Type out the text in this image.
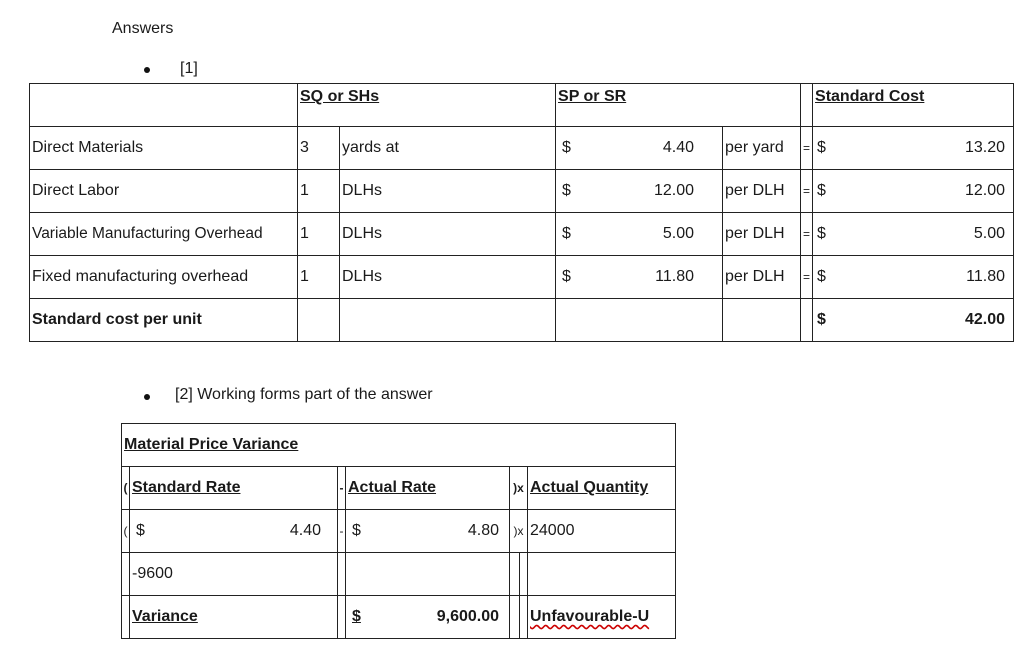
Answers
[1]
	SQ or SHs		SP or SR			Standard Cost
Direct Materials	3	yards at	$ 4.40	per yard	=	$ 13.20

Direct Labor	1	DLHs	$ 12.00	per DLH	=	$ 12.00

Variable Manufacturing Overhead	1	DLHs	$ 5.00	per DLH	=	$ 5.00

Fixed manufacturing overhead	1	DLHs	$ 11.80	per DLH	=	$ 11.80

Standard cost per unit						$ 42.00
[2] Working forms part of the answer
Material Price Variance						
(	Standard Rate	-	Actual Rate	)x		Actual Quantity
(	$ 4.40	-	$ 4.80	)x		24000
	-9600					
	Variance		$ 9,600.00			Unfavourable-U
